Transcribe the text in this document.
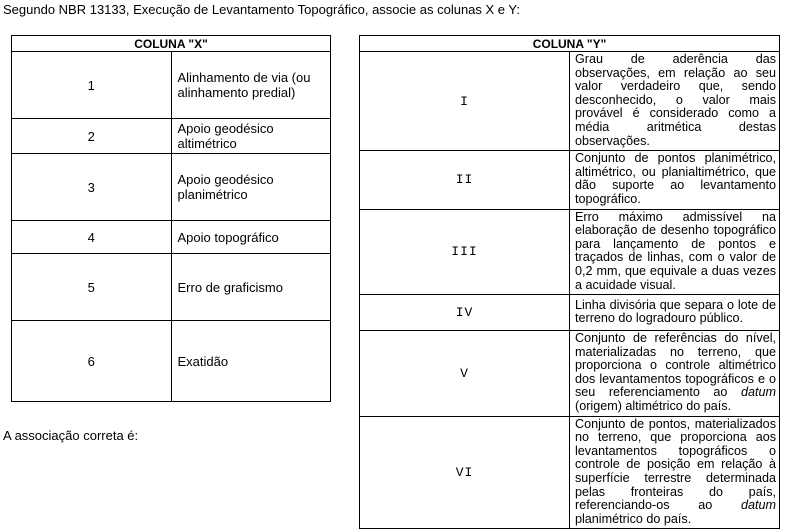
Segundo NBR 13133, Execução de Levantamento Topográfico, associe as colunas X e Y:
COLUNA "X"	
1	Alinhamento de via (ou alinhamento predial)
2	Apoio geodésico altimétrico
3	Apoio geodésico planimétrico
4	Apoio topográfico
5	Erro de graficismo
6	Exatidão
COLUNA "Y"	
I	Grau de aderência das observações, em relação ao seu valor verdadeiro que, sendo desconhecido, o valor mais provável é considerado como a média aritmética destas observações.
II	Conjunto de pontos planimétrico, altimétrico, ou planialtimétrico, que dão suporte ao levantamento topográfico.
III	Erro máximo admissível na elaboração de desenho topográfico para lançamento de pontos e traçados de linhas, com o valor de 0,2 mm, que equivale a duas vezes a acuidade visual.
IV	Linha divisória que separa o lote de terreno do logradouro público.
V	Conjunto de referências do nível, materializadas no terreno, que proporciona o controle altimétrico dos levantamentos topográficos e o seu referenciamento ao datum (origem) altimétrico do país.
VI	Conjunto de pontos, materializados no terreno, que proporciona aos levantamentos topográficos o controle de posição em relação à superfície terrestre determinada pelas fronteiras do país, referenciando-os ao datum planimétrico do país.
A associação correta é:
